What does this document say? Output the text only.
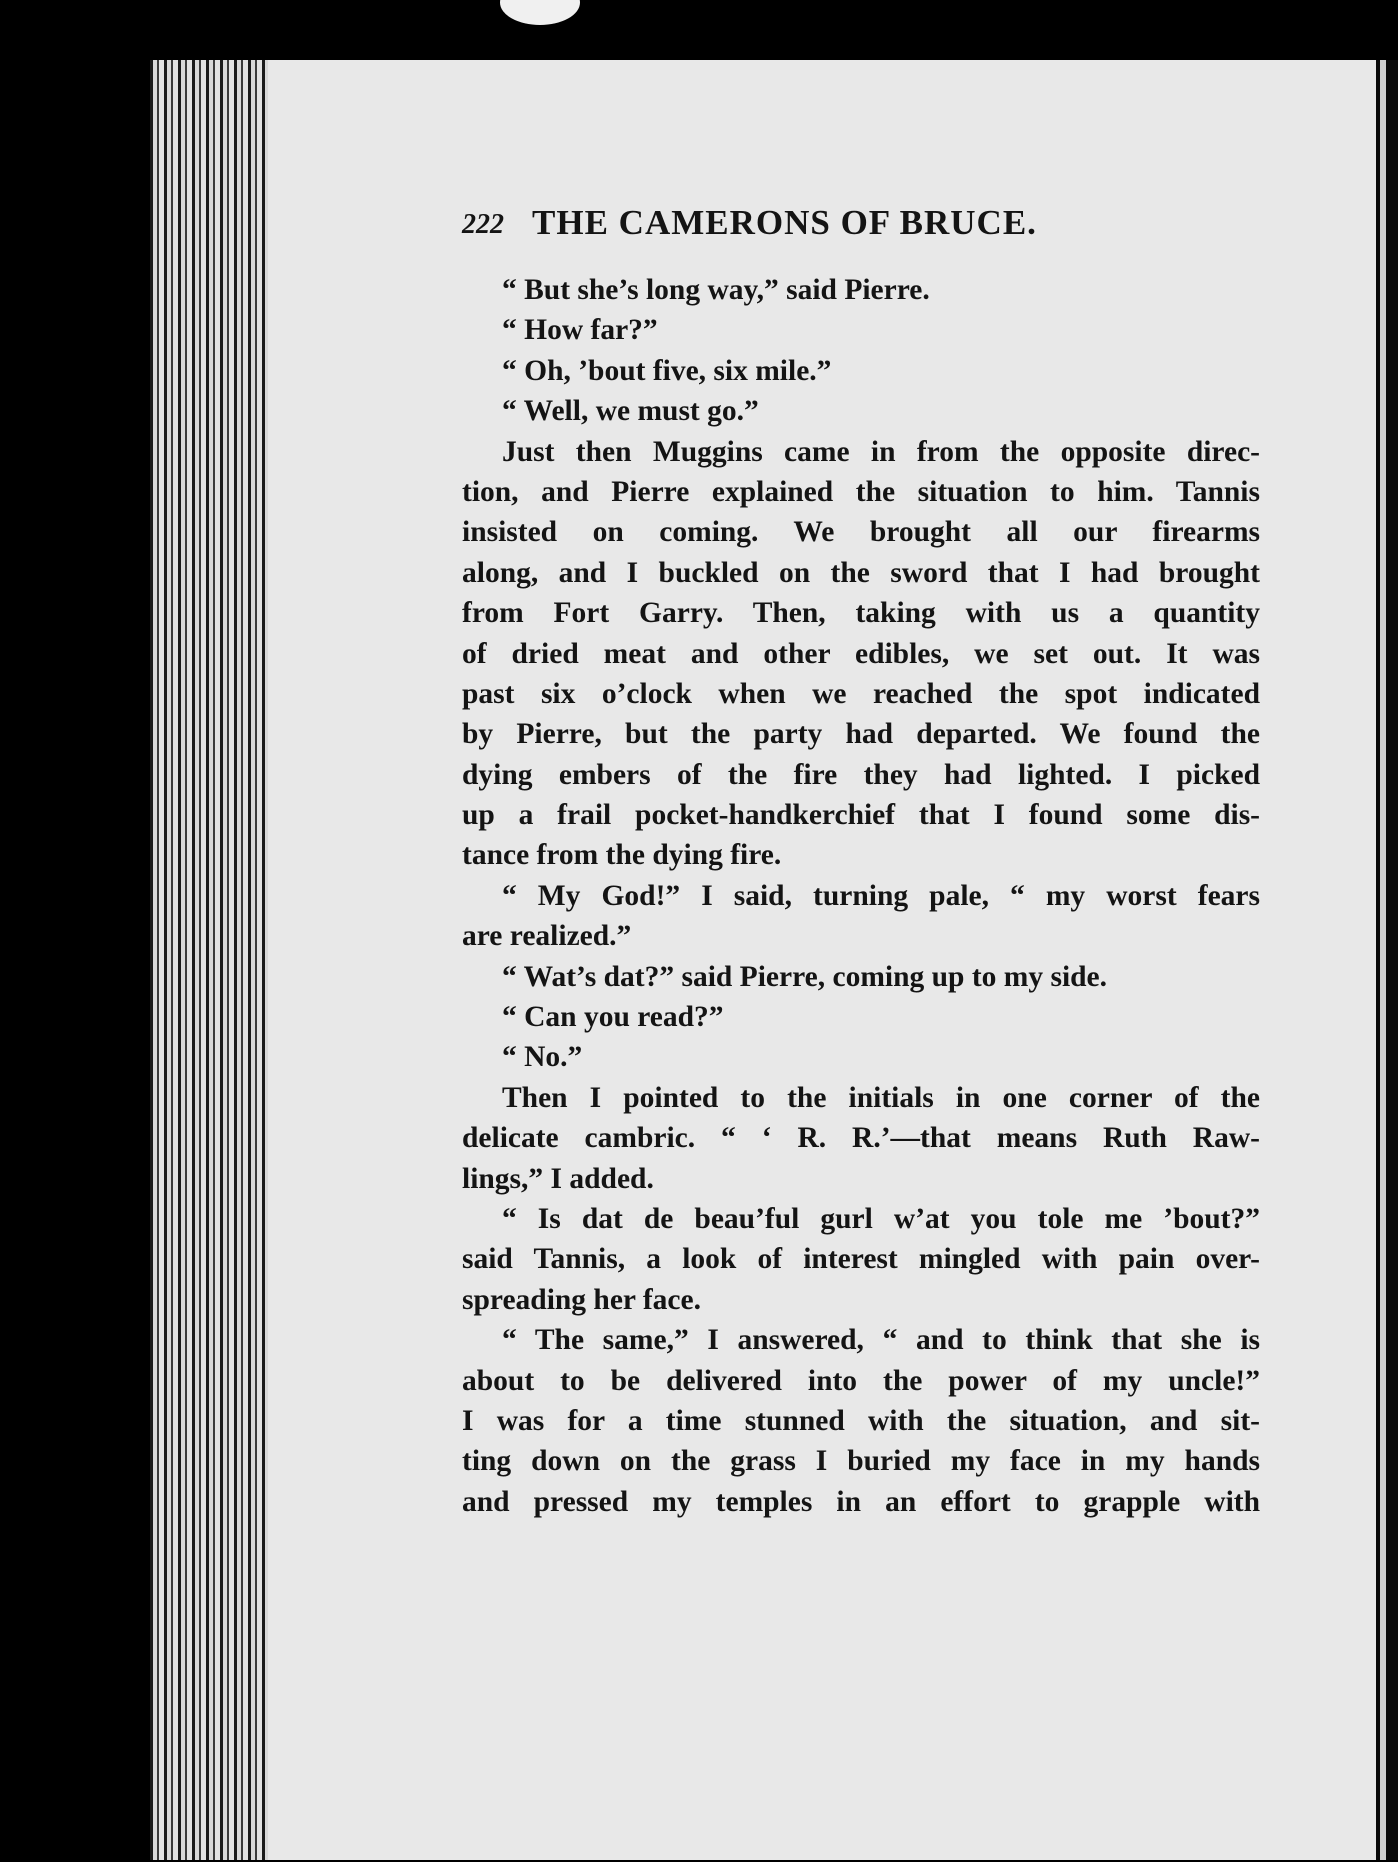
222 THE CAMERONS OF BRUCE.
“ But she’s long way,” said Pierre.
“ How far?”
“ Oh, ’bout five, six mile.”
“ Well, we must go.”
Just then Muggins came in from the opposite direc-
tion, and Pierre explained the situation to him. Tannis
insisted on coming. We brought all our firearms
along, and I buckled on the sword that I had brought
from Fort Garry. Then, taking with us a quantity
of dried meat and other edibles, we set out. It was
past six o’clock when we reached the spot indicated
by Pierre, but the party had departed. We found the
dying embers of the fire they had lighted. I picked
up a frail pocket-handkerchief that I found some dis-
tance from the dying fire.
“ My God!” I said, turning pale, “ my worst fears
are realized.”
“ Wat’s dat?” said Pierre, coming up to my side.
“ Can you read?”
“ No.”
Then I pointed to the initials in one corner of the
delicate cambric. “ ‘ R. R.’—that means Ruth Raw-
lings,” I added.
“ Is dat de beau’ful gurl w’at you tole me ’bout?”
said Tannis, a look of interest mingled with pain over-
spreading her face.
“ The same,” I answered, “ and to think that she is
about to be delivered into the power of my uncle!”
I was for a time stunned with the situation, and sit-
ting down on the grass I buried my face in my hands
and pressed my temples in an effort to grapple with
